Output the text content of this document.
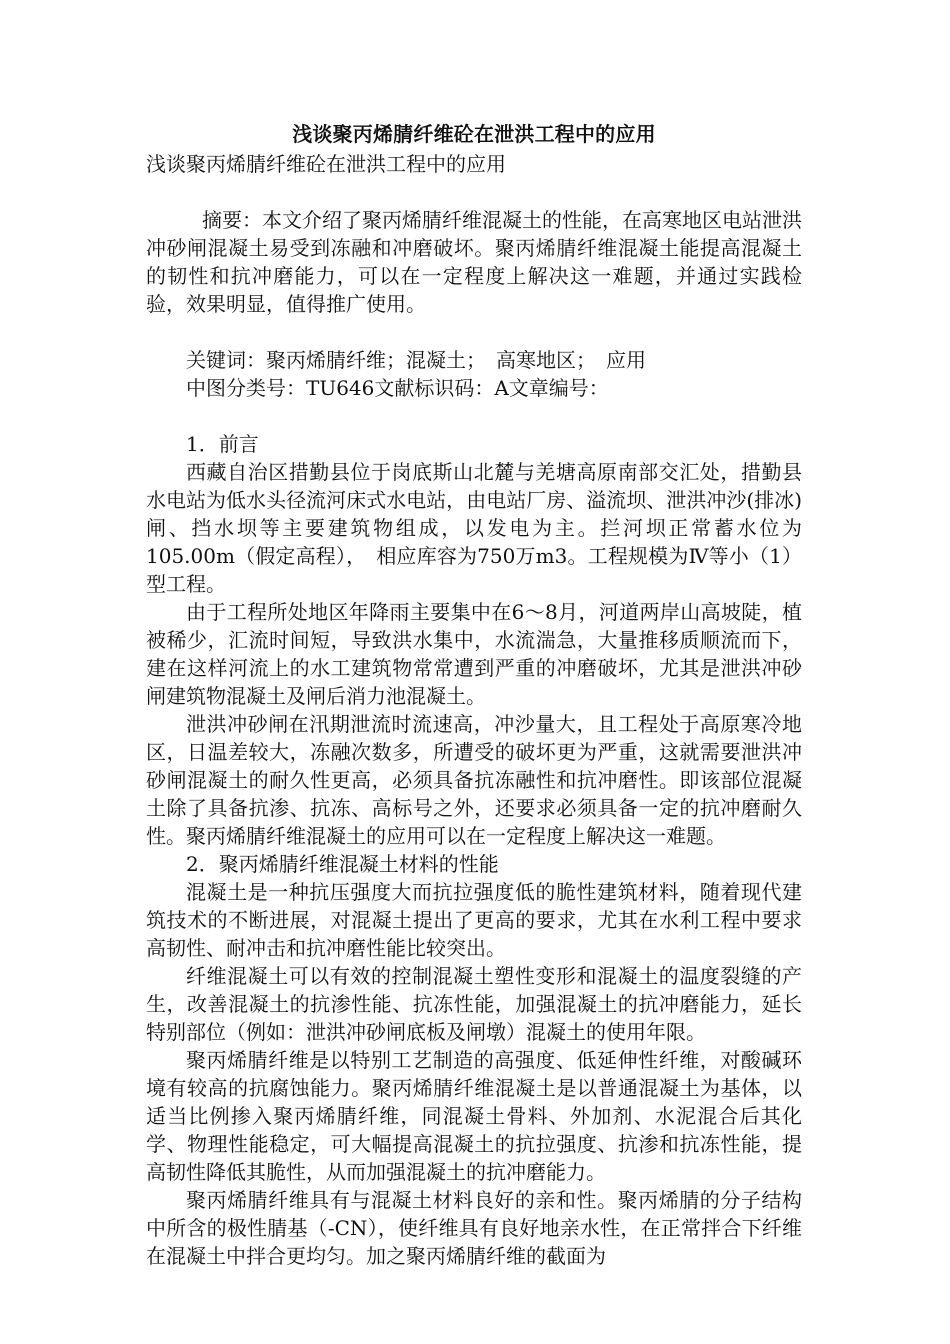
浅谈聚丙烯腈纤维砼在泄洪工程中的应用

浅谈聚丙烯腈纤维砼在泄洪工程中的应用

摘要：本文介绍了聚丙烯腈纤维混凝土的性能，在高寒地区电站泄洪冲砂闸混凝土易受到冻融和冲磨破坏。聚丙烯腈纤维混凝土能提高混凝土的韧性和抗冲磨能力，可以在一定程度上解决这一难题，并通过实践检验，效果明显，值得推广使用。

关键词：聚丙烯腈纤维；混凝土；　高寒地区；　应用

中图分类号：TU646文献标识码：A文章编号：

1．前言

西藏自治区措勤县位于岗底斯山北麓与羌塘高原南部交汇处，措勤县水电站为低水头径流河床式水电站，由电站厂房、溢流坝、泄洪冲沙(排冰)闸、挡水坝等主要建筑物组成，以发电为主。拦河坝正常蓄水位为105.00m（假定高程），　相应库容为750万m3。工程规模为Ⅳ等小（1）型工程。

由于工程所处地区年降雨主要集中在6～8月，河道两岸山高坡陡，植被稀少，汇流时间短，导致洪水集中，水流湍急，大量推移质顺流而下，建在这样河流上的水工建筑物常常遭到严重的冲磨破坏，尤其是泄洪冲砂闸建筑物混凝土及闸后消力池混凝土。

泄洪冲砂闸在汛期泄流时流速高，冲沙量大，且工程处于高原寒冷地区，日温差较大，冻融次数多，所遭受的破坏更为严重，这就需要泄洪冲砂闸混凝土的耐久性更高，必须具备抗冻融性和抗冲磨性。即该部位混凝土除了具备抗渗、抗冻、高标号之外，还要求必须具备一定的抗冲磨耐久性。聚丙烯腈纤维混凝土的应用可以在一定程度上解决这一难题。

2．聚丙烯腈纤维混凝土材料的性能

混凝土是一种抗压强度大而抗拉强度低的脆性建筑材料，随着现代建筑技术的不断进展，对混凝土提出了更高的要求，尤其在水利工程中要求高韧性、耐冲击和抗冲磨性能比较突出。

纤维混凝土可以有效的控制混凝土塑性变形和混凝土的温度裂缝的产生，改善混凝土的抗渗性能、抗冻性能，加强混凝土的抗冲磨能力，延长特别部位（例如：泄洪冲砂闸底板及闸墩）混凝土的使用年限。

聚丙烯腈纤维是以特别工艺制造的高强度、低延伸性纤维，对酸碱环境有较高的抗腐蚀能力。聚丙烯腈纤维混凝土是以普通混凝土为基体，以适当比例掺入聚丙烯腈纤维，同混凝土骨料、外加剂、水泥混合后其化学、物理性能稳定，可大幅提高混凝土的抗拉强度、抗渗和抗冻性能，提高韧性降低其脆性，从而加强混凝土的抗冲磨能力。

聚丙烯腈纤维具有与混凝土材料良好的亲和性。聚丙烯腈的分子结构中所含的极性腈基（-CN），使纤维具有良好地亲水性，在正常拌合下纤维在混凝土中拌合更均匀。加之聚丙烯腈纤维的截面为
